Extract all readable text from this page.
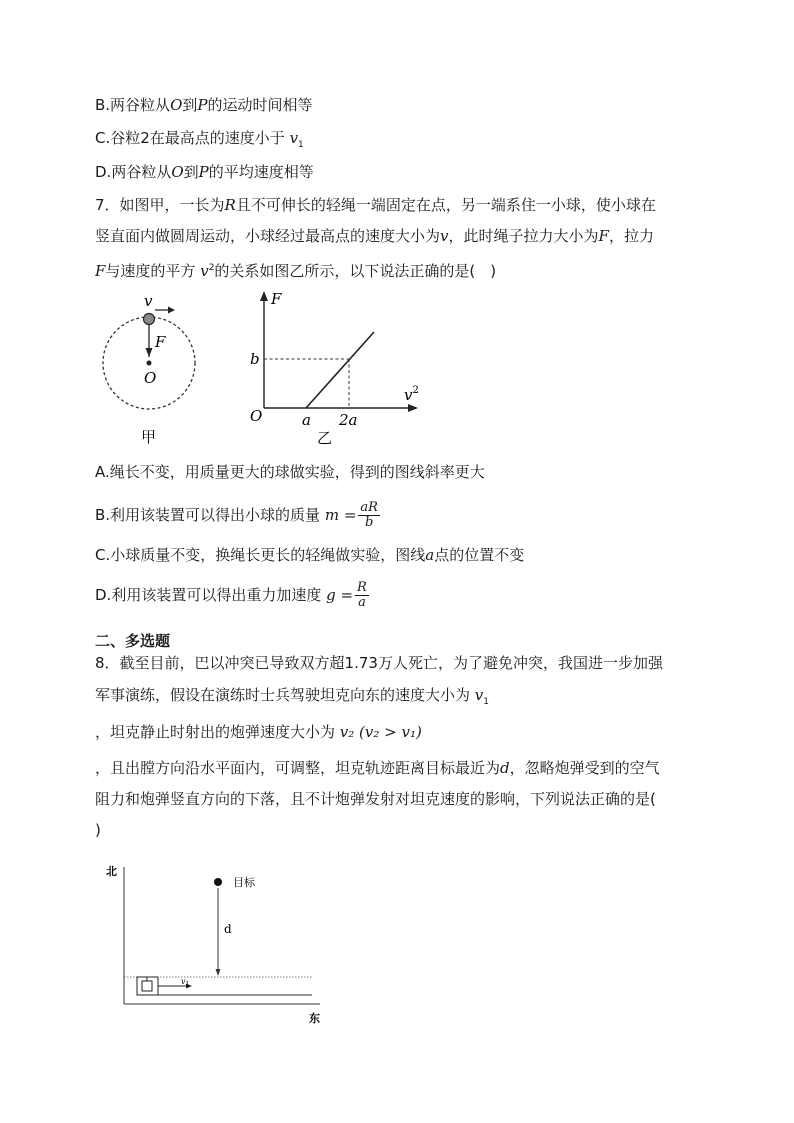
B.两谷粒从O到P的运动时间相等
C.谷粒2在最高点的速度小于 $v_1$
D.两谷粒从O到P的平均速度相等
7．如图甲，一长为R且不可伸长的轻绳一端固定在点，另一端系住一小球，使小球在
竖直面内做圆周运动，小球经过最高点的速度大小为v，此时绳子拉力大小为F，拉力
F与速度的平方 $v^2$的关系如图乙所示，以下说法正确的是(　)
v
F
O
甲
F
$v^2$
O
b
a 2a
乙
A.绳长不变，用质量更大的球做实验，得到的图线斜率更大
B.利用该装置可以得出小球的质量 $m = \frac{aR}{b}$
C.小球质量不变，换绳长更长的轻绳做实验，图线a点的位置不变
D.利用该装置可以得出重力加速度 $g = \frac{R}{a}$
二、多选题
8．截至目前，巴以冲突已导致双方超1.73万人死亡，为了避免冲突，我国进一步加强
军事演练，假设在演练时士兵驾驶坦克向东的速度大小为 $v_1$
，坦克静止时射出的炮弹速度大小为 v₂ (v₂ > v₁)
，且出膛方向沿水平面内，可调整，坦克轨迹距离目标最近为d，忽略炮弹受到的空气
阻力和炮弹竖直方向的下落，且不计炮弹发射对坦克速度的影响，下列说法正确的是(
)
北
东
目标
d
$v_1$
